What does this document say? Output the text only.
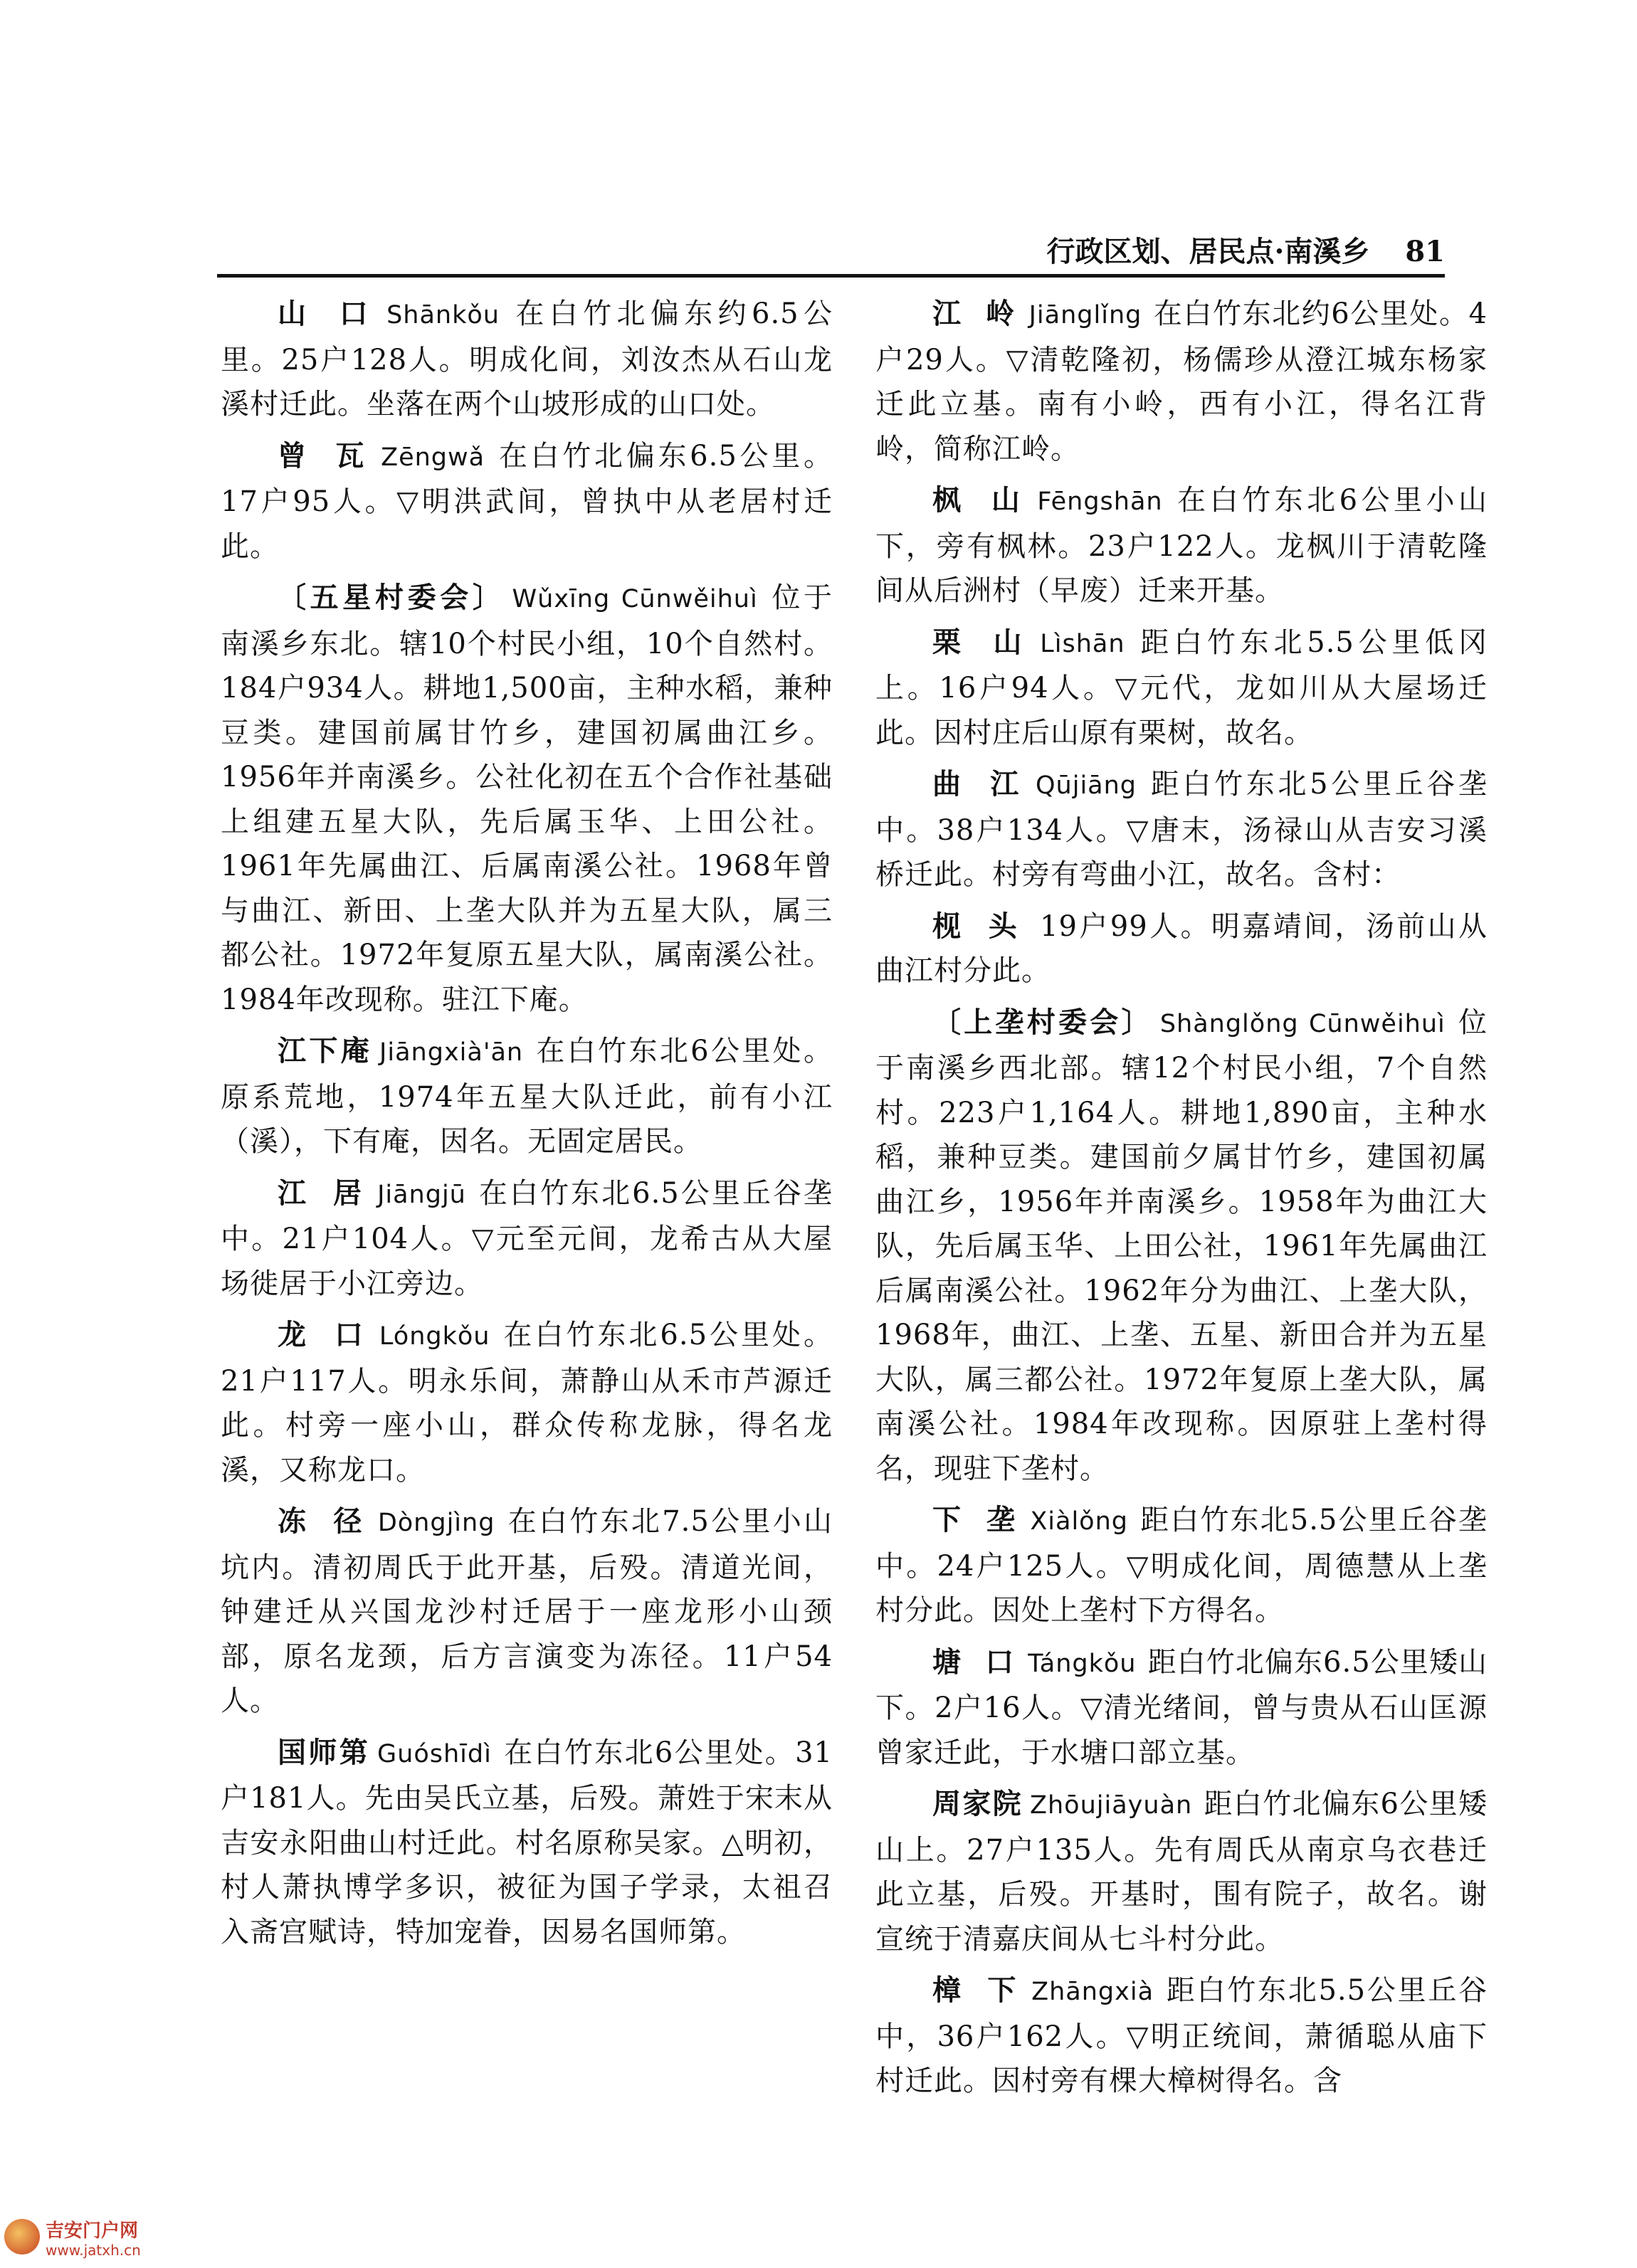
行政区划、居民点·南溪乡 81

山 口 Shānkǒu 在白竹北偏东约6.5公里。25户128人。明成化间，刘汝杰从石山龙溪村迁此。坐落在两个山坡形成的山口处。

曾 瓦 Zēngwǎ 在白竹北偏东6.5公里。17户95人。▽明洪武间，曾执中从老居村迁此。

〔五星村委会〕 Wǔxīng Cūnwěihuì 位于南溪乡东北。辖10个村民小组，10个自然村。184户934人。耕地1,500亩，主种水稻，兼种豆类。建国前属甘竹乡，建国初属曲江乡。1956年并南溪乡。公社化初在五个合作社基础上组建五星大队，先后属玉华、上田公社。1961年先属曲江、后属南溪公社。1968年曾与曲江、新田、上垄大队并为五星大队，属三都公社。1972年复原五星大队，属南溪公社。1984年改现称。驻江下庵。

江下庵 Jiāngxià'ān 在白竹东北6公里处。原系荒地，1974年五星大队迁此，前有小江（溪），下有庵，因名。无固定居民。

江 居 Jiāngjū 在白竹东北6.5公里丘谷垄中。21户104人。▽元至元间，龙希古从大屋场徙居于小江旁边。

龙 口 Lóngkǒu 在白竹东北6.5公里处。21户117人。明永乐间，萧静山从禾市芦源迁此。村旁一座小山，群众传称龙脉，得名龙溪，又称龙口。

冻 径 Dòngjìng 在白竹东北7.5公里小山坑内。清初周氏于此开基，后殁。清道光间，钟建迁从兴国龙沙村迁居于一座龙形小山颈部，原名龙颈，后方言演变为冻径。11户54人。

国师第 Guóshīdì 在白竹东北6公里处。31户181人。先由吴氏立基，后殁。萧姓于宋末从吉安永阳曲山村迁此。村名原称吴家。△明初，村人萧执博学多识，被征为国子学录，太祖召入斋宫赋诗，特加宠眷，因易名国师第。

江 岭 Jiānglǐng 在白竹东北约6公里处。4户29人。▽清乾隆初，杨儒珍从澄江城东杨家迁此立基。南有小岭，西有小江，得名江背岭，简称江岭。

枫 山 Fēngshān 在白竹东北6公里小山下，旁有枫林。23户122人。龙枫川于清乾隆间从后洲村（早废）迁来开基。

栗 山 Lìshān 距白竹东北5.5公里低冈上。16户94人。▽元代，龙如川从大屋场迁此。因村庄后山原有栗树，故名。

曲 江 Qūjiāng 距白竹东北5公里丘谷垄中。38户134人。▽唐末，汤禄山从吉安习溪桥迁此。村旁有弯曲小江，故名。含村：

枧 头 19户99人。明嘉靖间，汤前山从曲江村分此。

〔上垄村委会〕 Shànglǒng Cūnwěihuì 位于南溪乡西北部。辖12个村民小组，7个自然村。223户1,164人。耕地1,890亩，主种水稻，兼种豆类。建国前夕属甘竹乡，建国初属曲江乡，1956年并南溪乡。1958年为曲江大队，先后属玉华、上田公社，1961年先属曲江后属南溪公社。1962年分为曲江、上垄大队，1968年，曲江、上垄、五星、新田合并为五星大队，属三都公社。1972年复原上垄大队，属南溪公社。1984年改现称。因原驻上垄村得名，现驻下垄村。

下 垄 Xiàlǒng 距白竹东北5.5公里丘谷垄中。24户125人。▽明成化间，周德慧从上垄村分此。因处上垄村下方得名。

塘 口 Tángkǒu 距白竹北偏东6.5公里矮山下。2户16人。▽清光绪间，曾与贵从石山匡源曾家迁此，于水塘口部立基。

周家院 Zhōujiāyuàn 距白竹北偏东6公里矮山上。27户135人。先有周氏从南京乌衣巷迁此立基，后殁。开基时，围有院子，故名。谢宣统于清嘉庆间从七斗村分此。

樟 下 Zhāngxià 距白竹东北5.5公里丘谷中，36户162人。▽明正统间，萧循聪从庙下村迁此。因村旁有棵大樟树得名。含

吉安门户网
www.jatxh.cn
